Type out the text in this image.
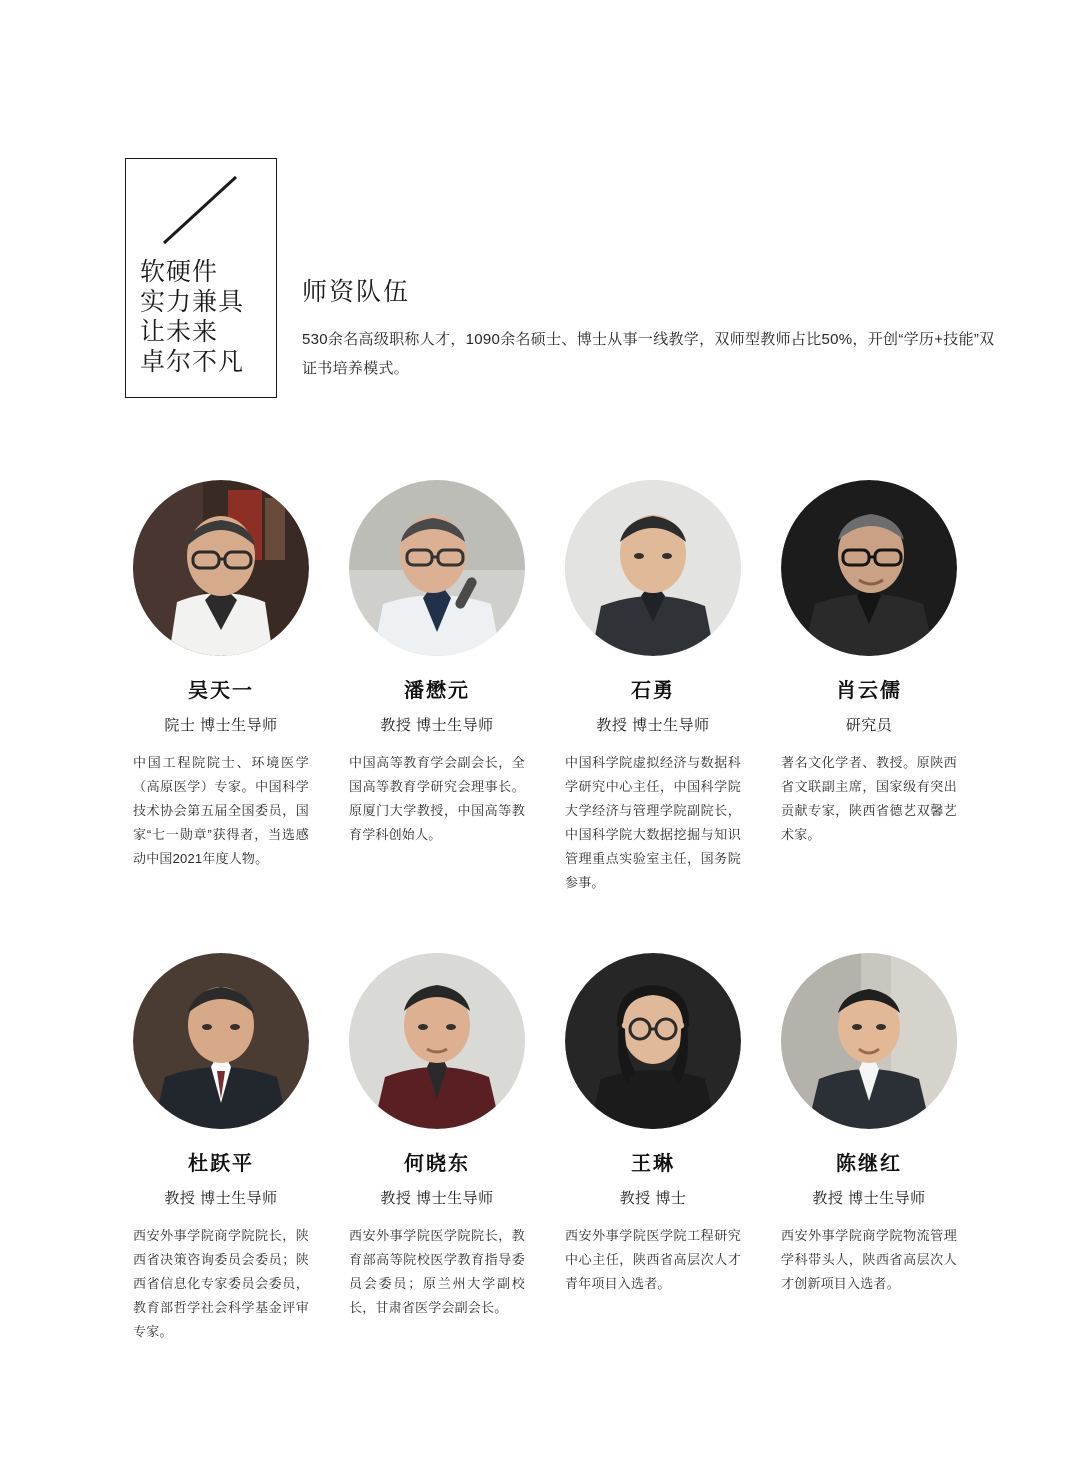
软硬件
实力兼具
让未来
卓尔不凡
师资队伍
530余名高级职称人才，1090余名硕士、博士从事一线教学，双师型教师占比50%，开创“学历+技能”双证书培养模式。
吴天一
院士 博士生导师
中国工程院院士、环境医学（高原医学）专家。中国科学技术协会第五届全国委员，国家“七一勋章”获得者，当选感动中国2021年度人物。
潘懋元
教授 博士生导师
中国高等教育学会副会长，全国高等教育学研究会理事长。原厦门大学教授，中国高等教育学科创始人。
石勇
教授 博士生导师
中国科学院虚拟经济与数据科学研究中心主任，中国科学院大学经济与管理学院副院长，中国科学院大数据挖掘与知识管理重点实验室主任，国务院参事。
肖云儒
研究员
著名文化学者、教授。原陕西省文联副主席，国家级有突出贡献专家，陕西省德艺双馨艺术家。
杜跃平
教授 博士生导师
西安外事学院商学院院长，陕西省决策咨询委员会委员；陕西省信息化专家委员会委员，教育部哲学社会科学基金评审专家。
何晓东
教授 博士生导师
西安外事学院医学院院长，教育部高等院校医学教育指导委员会委员；原兰州大学副校长，甘肃省医学会副会长。
王琳
教授 博士
西安外事学院医学院工程研究中心主任，陕西省高层次人才青年项目入选者。
陈继红
教授 博士生导师
西安外事学院商学院物流管理学科带头人，陕西省高层次人才创新项目入选者。
